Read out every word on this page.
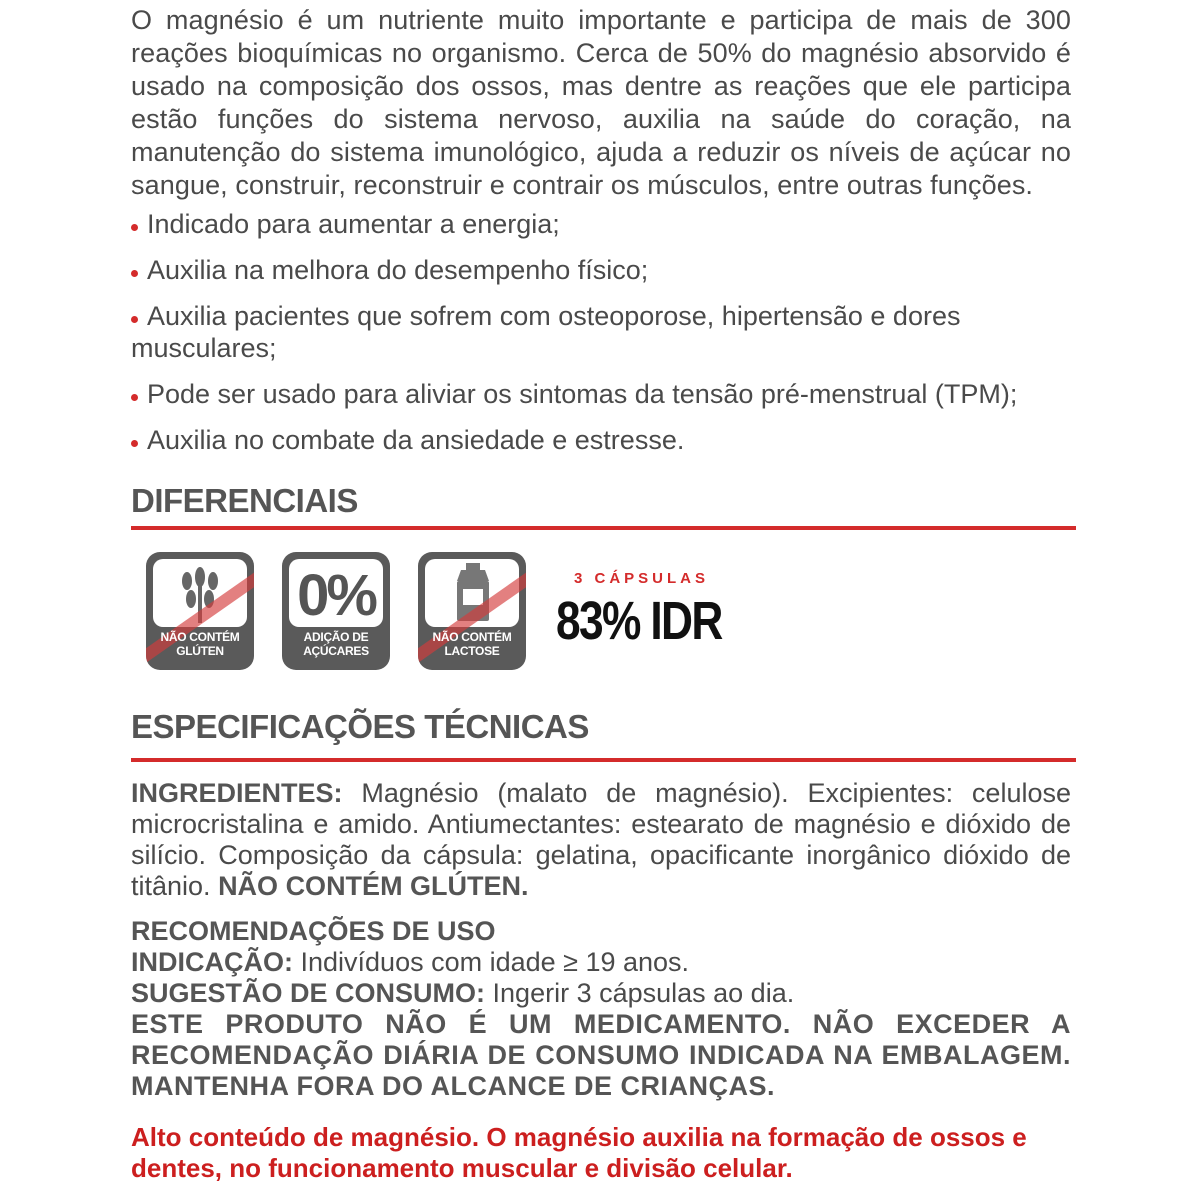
O magnésio é um nutriente muito importante e participa de mais de 300 reações bioquímicas no organismo. Cerca de 50% do magnésio absorvido é usado na composição dos ossos, mas dentre as reações que ele participa estão funções do sistema nervoso, auxilia na saúde do coração, na manutenção do sistema imunológico, ajuda a reduzir os níveis de açúcar no sangue, construir, reconstruir e contrair os músculos, entre outras funções.
Indicado para aumentar a energia;
Auxilia na melhora do desempenho físico;
Auxilia pacientes que sofrem com osteoporose, hipertensão e dores musculares;
Pode ser usado para aliviar os sintomas da tensão pré-menstrual (TPM);
Auxilia no combate da ansiedade e estresse.
DIFERENCIAIS
NÃO CONTÉM
GLÚTEN
0%
ADIÇÃO DE
AÇÚCARES
NÃO CONTÉM
LACTOSE
3 CÁPSULAS
83% IDR
ESPECIFICAÇÕES TÉCNICAS
INGREDIENTES: Magnésio (malato de magnésio). Excipientes: celulose microcristalina e amido. Antiumectantes: estearato de magnésio e dióxido de silício. Composição da cápsula: gelatina, opacificante inorgânico dióxido de titânio. NÃO CONTÉM GLÚTEN.
RECOMENDAÇÕES DE USO
INDICAÇÃO: Indivíduos com idade ≥ 19 anos.
SUGESTÃO DE CONSUMO: Ingerir 3 cápsulas ao dia.
ESTE PRODUTO NÃO É UM MEDICAMENTO. NÃO EXCEDER A RECOMENDAÇÃO DIÁRIA DE CONSUMO INDICADA NA EMBALAGEM. MANTENHA FORA DO ALCANCE DE CRIANÇAS.
Alto conteúdo de magnésio. O magnésio auxilia na formação de ossos e dentes, no funcionamento muscular e divisão celular.
